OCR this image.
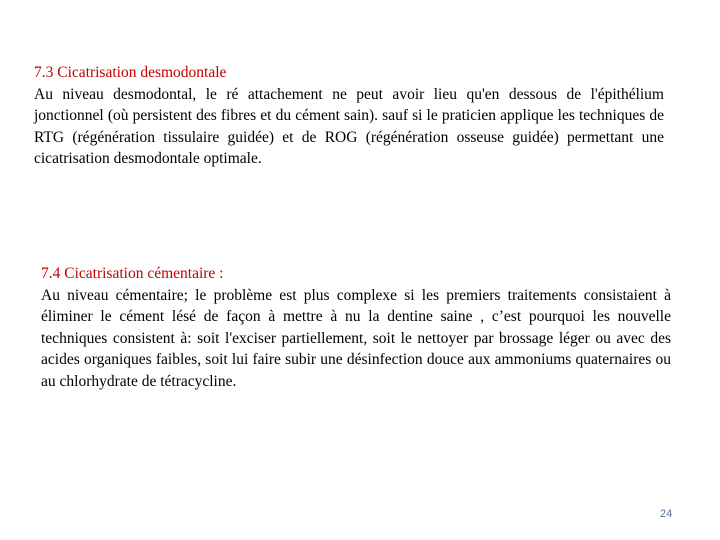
7.3 Cicatrisation desmodontale
Au niveau desmodontal, le ré attachement ne peut avoir lieu qu'en dessous de l'épithélium jonctionnel (où persistent des fibres et du cément sain). sauf si le praticien applique les techniques de RTG (régénération tissulaire guidée) et de ROG (régénération osseuse guidée) permettant une cicatrisation desmodontale optimale.
7.4 Cicatrisation cémentaire :
Au niveau cémentaire; le problème est plus complexe si les premiers traitements consistaient à éliminer le cément lésé de façon à mettre à nu la dentine saine , c’est pourquoi les nouvelle techniques consistent à: soit l'exciser partiellement, soit le nettoyer par brossage léger ou avec des acides organiques faibles, soit lui faire subir une désinfection douce aux ammoniums quaternaires ou au chlorhydrate de tétracycline.
24
